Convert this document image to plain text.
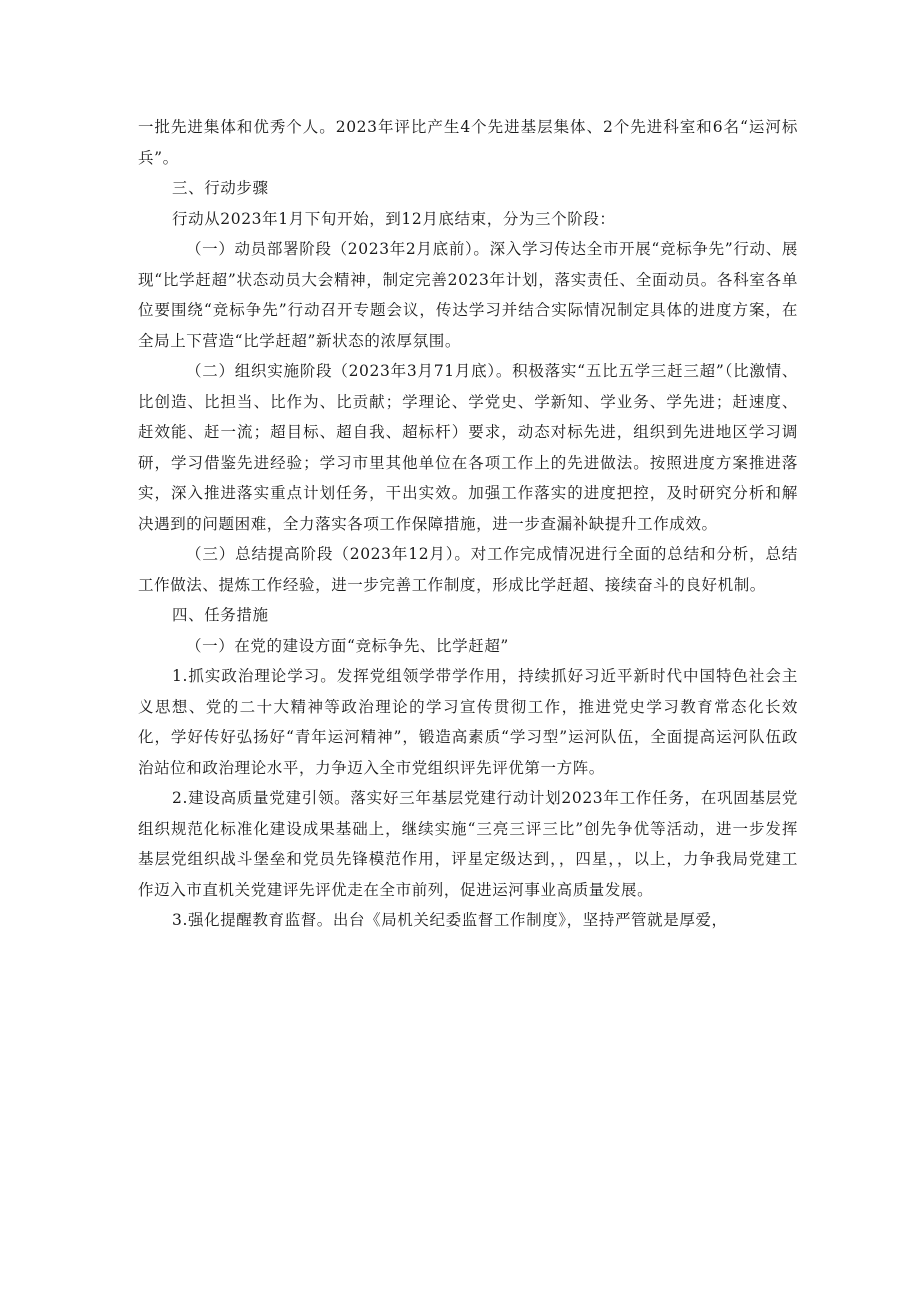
一批先进集体和优秀个人。2023年评比产生4个先进基层集体、2个先进科室和6名“运河标兵”。

三、行动步骤

行动从2023年1月下旬开始，到12月底结束，分为三个阶段：

（一）动员部署阶段（2023年2月底前）。深入学习传达全市开展“竞标争先”行动、展现“比学赶超”状态动员大会精神，制定完善2023年计划，落实责任、全面动员。各科室各单位要围绕“竞标争先”行动召开专题会议，传达学习并结合实际情况制定具体的进度方案，在全局上下营造“比学赶超”新状态的浓厚氛围。

（二）组织实施阶段（2023年3月71月底）。积极落实“五比五学三赶三超”（比激情、比创造、比担当、比作为、比贡献；学理论、学党史、学新知、学业务、学先进；赶速度、赶效能、赶一流；超目标、超自我、超标杆）要求，动态对标先进，组织到先进地区学习调研，学习借鉴先进经验；学习市里其他单位在各项工作上的先进做法。按照进度方案推进落实，深入推进落实重点计划任务，干出实效。加强工作落实的进度把控，及时研究分析和解决遇到的问题困难，全力落实各项工作保障措施，进一步查漏补缺提升工作成效。

（三）总结提高阶段（2023年12月）。对工作完成情况进行全面的总结和分析，总结工作做法、提炼工作经验，进一步完善工作制度，形成比学赶超、接续奋斗的良好机制。

四、任务措施

（一）在党的建设方面“竞标争先、比学赶超”

1.抓实政治理论学习。发挥党组领学带学作用，持续抓好习近平新时代中国特色社会主义思想、党的二十大精神等政治理论的学习宣传贯彻工作，推进党史学习教育常态化长效化，学好传好弘扬好“青年运河精神”，锻造高素质“学习型”运河队伍，全面提高运河队伍政治站位和政治理论水平，力争迈入全市党组织评先评优第一方阵。

2.建设高质量党建引领。落实好三年基层党建行动计划2023年工作任务，在巩固基层党组织规范化标准化建设成果基础上，继续实施“三亮三评三比”创先争优等活动，进一步发挥基层党组织战斗堡垒和党员先锋模范作用，评星定级达到，，四星，，以上，力争我局党建工作迈入市直机关党建评先评优走在全市前列，促进运河事业高质量发展。

3.强化提醒教育监督。出台《局机关纪委监督工作制度》，坚持严管就是厚爱，
